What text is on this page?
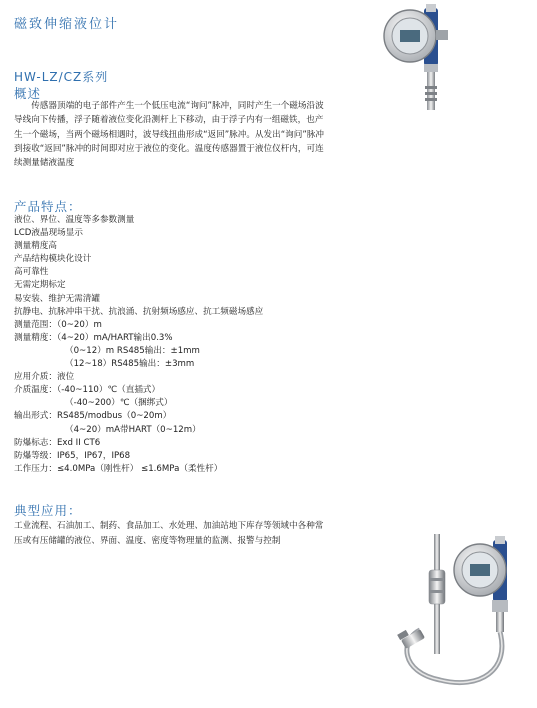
磁致伸缩液位计
HW-LZ/CZ系列
概述

传感器顶端的电子部件产生一个低压电流“询问”脉冲，同时产生一个磁场沿波导线向下传播，浮子随着液位变化沿测杆上下移动，由于浮子内有一组磁铁，也产生一个磁场，当两个磁场相遇时，波导线扭曲形成“返回”脉冲。从发出“询问”脉冲到接收“返回”脉冲的时间即对应于液位的变化。温度传感器置于液位仪杆内，可连续测量储液温度

产品特点：
液位、界位、温度等多参数测量
LCD液晶现场显示
测量精度高
产品结构模块化设计
高可靠性
无需定期标定
易安装、维护无需清罐
抗静电、抗脉冲串干扰、抗浪涌、抗射频场感应、抗工频磁场感应
测量范围：（0~20）m
测量精度：（4~20）mA/HART输出0.3%
（0~12）m RS485输出：±1mm
（12~18）RS485输出：±3mm
应用介质：液位
介质温度：（-40~110）℃（直插式）
（-40~200）℃（捆绑式）
输出形式：RS485/modbus（0~20m）
（4~20）mA带HART（0~12m）
防爆标志：Exd II CT6
防爆等级：IP65，IP67，IP68
工作压力：≤4.0MPa（刚性杆） ≤1.6MPa（柔性杆）
典型应用：

工业流程、石油加工、制药、食品加工、水处理、加油站地下库存等领域中各种常压或有压储罐的液位、界面、温度、密度等物理量的监测、报警与控制
